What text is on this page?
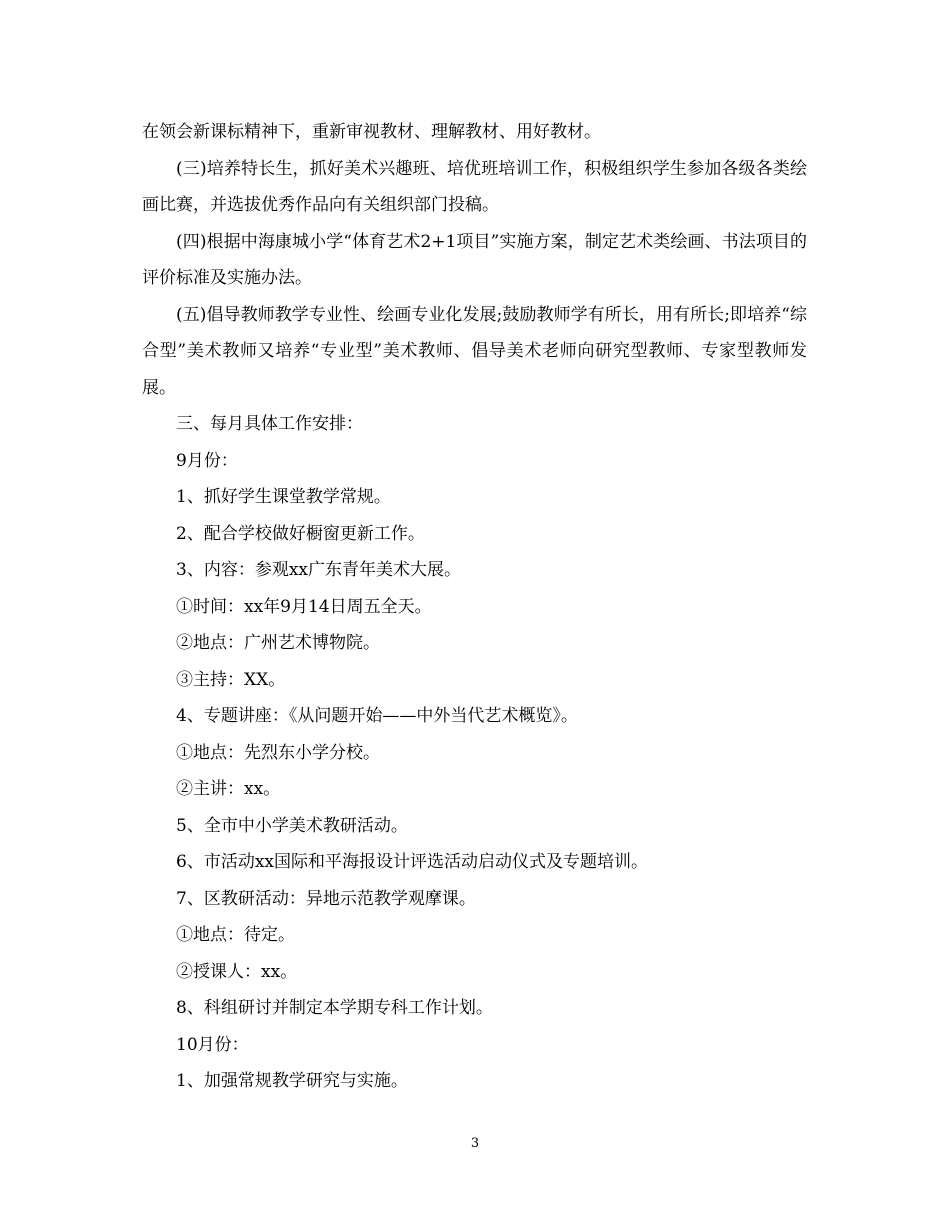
在领会新课标精神下，重新审视教材、理解教材、用好教材。

(三)培养特长生，抓好美术兴趣班、培优班培训工作，积极组织学生参加各级各类绘画比赛，并选拔优秀作品向有关组织部门投稿。

(四)根据中海康城小学“体育艺术2+1项目”实施方案，制定艺术类绘画、书法项目的评价标准及实施办法。

(五)倡导教师教学专业性、绘画专业化发展;鼓励教师学有所长，用有所长;即培养“综合型”美术教师又培养“专业型”美术教师、倡导美术老师向研究型教师、专家型教师发展。

三、每月具体工作安排：

9月份：

1、抓好学生课堂教学常规。

2、配合学校做好橱窗更新工作。

3、内容：参观xx广东青年美术大展。

①时间：xx年9月14日周五全天。

②地点：广州艺术博物院。

③主持：XX。

4、专题讲座：《从问题开始——中外当代艺术概览》。

①地点：先烈东小学分校。

②主讲：xx。

5、全市中小学美术教研活动。

6、市活动xx国际和平海报设计评选活动启动仪式及专题培训。

7、区教研活动：异地示范教学观摩课。

①地点：待定。

②授课人：xx。

8、科组研讨并制定本学期专科工作计划。

10月份：

1、加强常规教学研究与实施。

3
